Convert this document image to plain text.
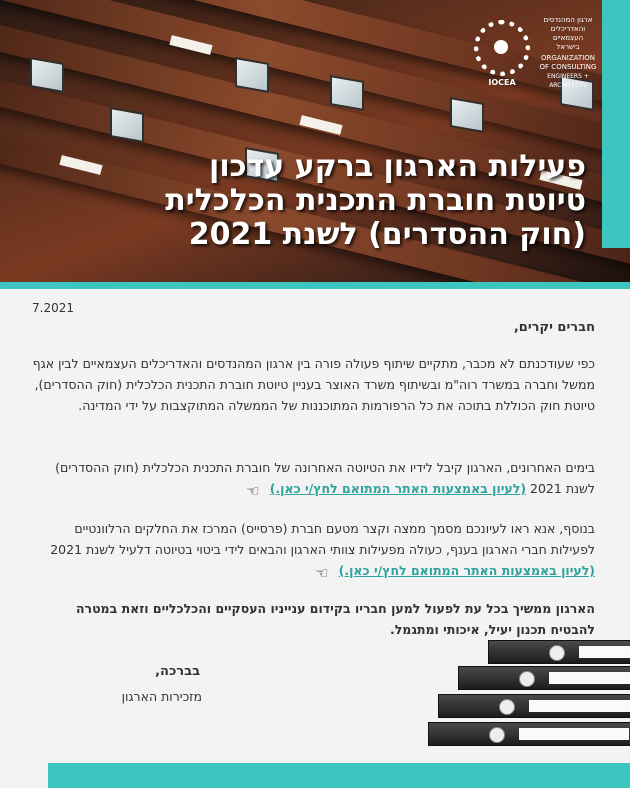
ארגון המהנדסים
והאדריכלים
העצמאיים
בישראל
ORGANIZATION
OF CONSULTING
ENGINEERS + ARCHITECTS
IOCEA
פעילות הארגון ברקע עדכון
טיוטת חוברת התכנית הכלכלית
(חוק ההסדרים) לשנת 2021
7.2021
חברים יקרים,
כפי שעודכנתם לא מכבר, מתקיים שיתוף פעולה פורה בין ארגון המהנדסים והאדריכלים העצמאיים לבין אגף ממשל וחברה במשרד רוה"מ ובשיתוף משרד האוצר בעניין טיוטת חוברת התכנית הכלכלית (חוק ההסדרים), טיוטת חוק הכוללת בתוכה את כל הרפורמות המתוכננות של הממשלה המתוקצבות על ידי המדינה.
בימים האחרונים, הארגון קיבל לידיו את הטיוטה האחרונה של חוברת התכנית הכלכלית (חוק ההסדרים) לשנת 2021 (לעיון באמצעות האתר המתואם לחץ/י כאן.) ☜
בנוסף, אנא ראו לעיונכם מסמך ממצה וקצר מטעם חברת (פרסייס) המרכז את החלקים הרלוונטיים לפעילות חברי הארגון בענף, כעולה מפעילות צוותי הארגון והבאים לידי ביטוי בטיוטה דלעיל לשנת 2021
(לעיון באמצעות האתר המתואם לחץ/י כאן.) ☜
הארגון ממשיך בכל עת לפעול למען חבריו בקידום ענייניו העסקיים והכלכליים וזאת במטרה להבטיח תכנון יעיל, איכותי ומתגמל.
בברכה,
מזכירות הארגון
